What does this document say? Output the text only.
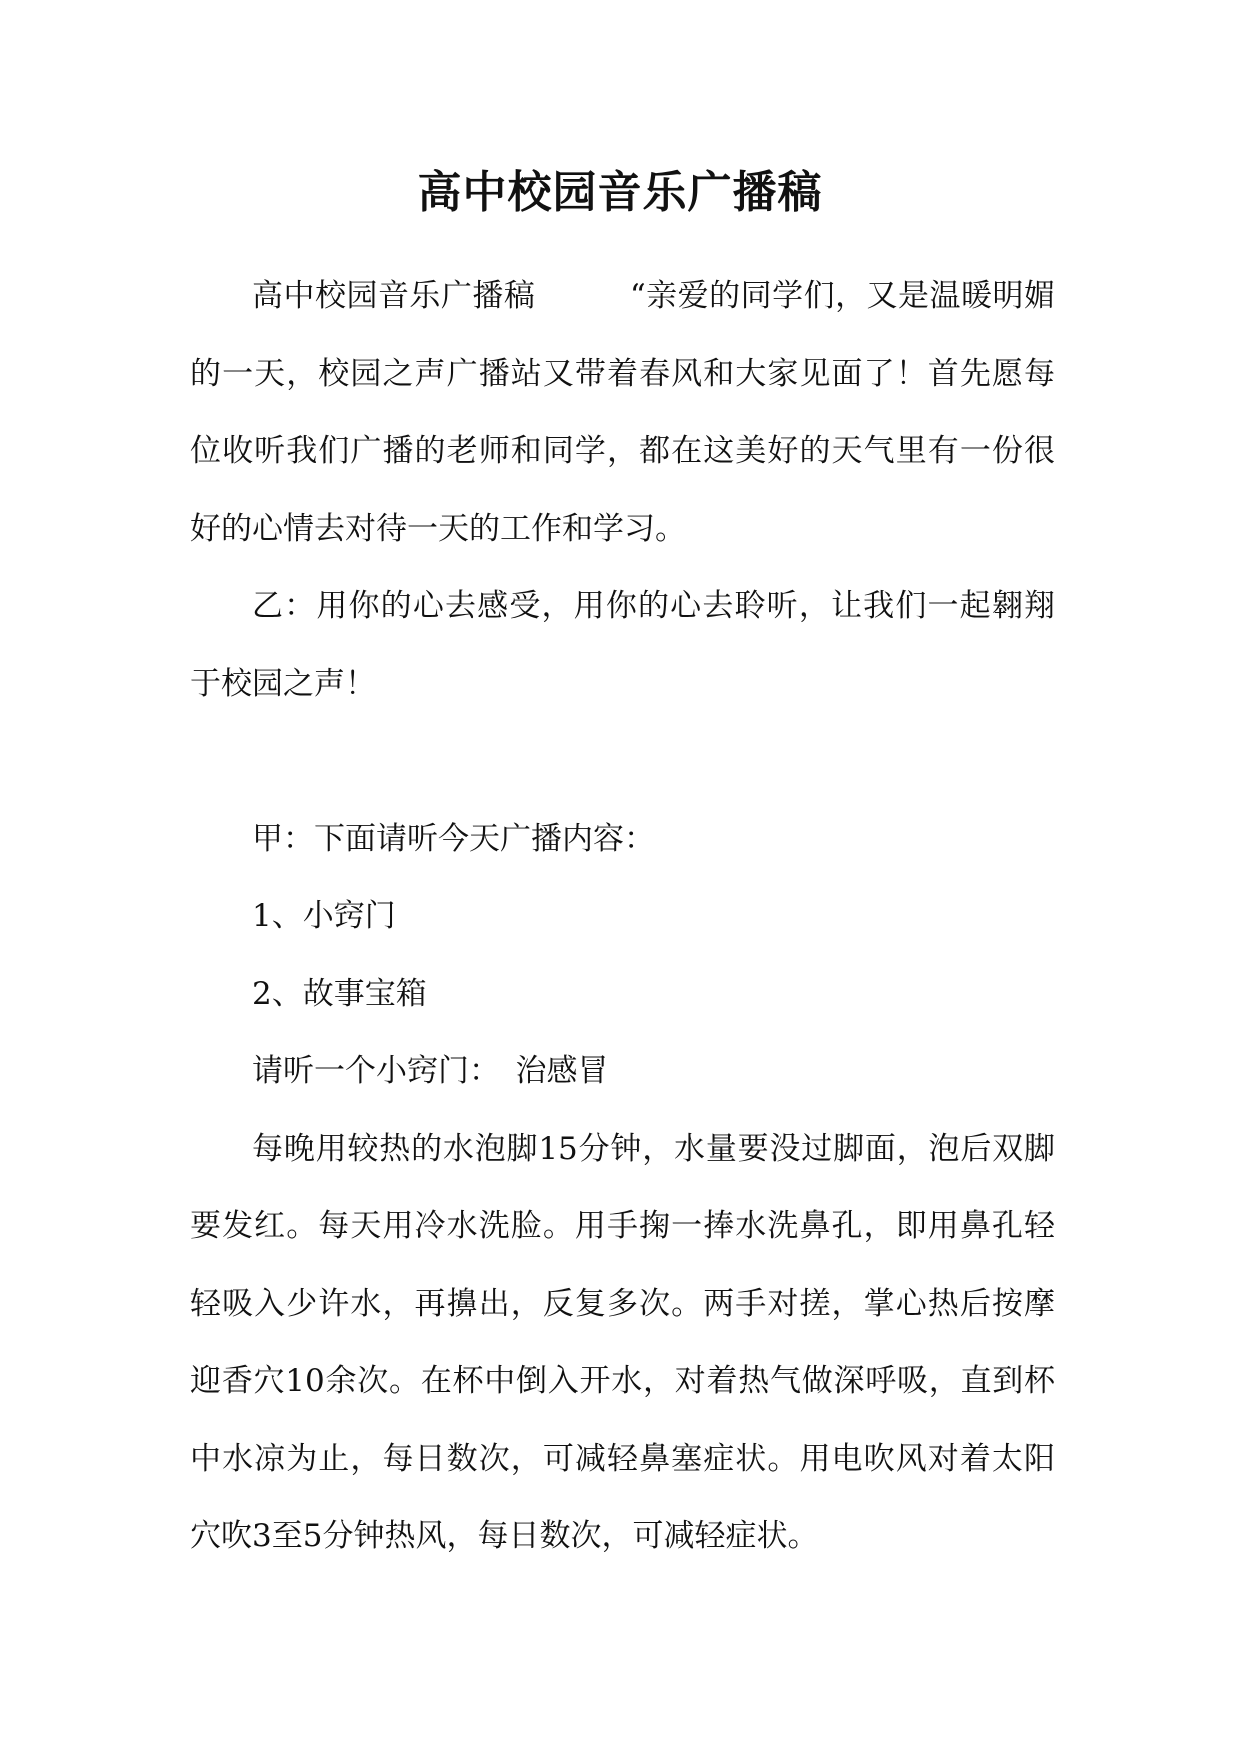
高中校园音乐广播稿

高中校园音乐广播稿　　　“亲爱的同学们，又是温暖明媚的一天，校园之声广播站又带着春风和大家见面了！首先愿每位收听我们广播的老师和同学，都在这美好的天气里有一份很好的心情去对待一天的工作和学习。

乙：用你的心去感受，用你的心去聆听，让我们一起翱翔于校园之声！

甲：下面请听今天广播内容：

1、小窍门

2、故事宝箱

请听一个小窍门：　治感冒

每晚用较热的水泡脚15分钟，水量要没过脚面，泡后双脚要发红。每天用冷水洗脸。用手掬一捧水洗鼻孔，即用鼻孔轻轻吸入少许水，再擤出，反复多次。两手对搓，掌心热后按摩迎香穴10余次。在杯中倒入开水，对着热气做深呼吸，直到杯中水凉为止，每日数次，可减轻鼻塞症状。用电吹风对着太阳穴吹3至5分钟热风，每日数次，可减轻症状。
